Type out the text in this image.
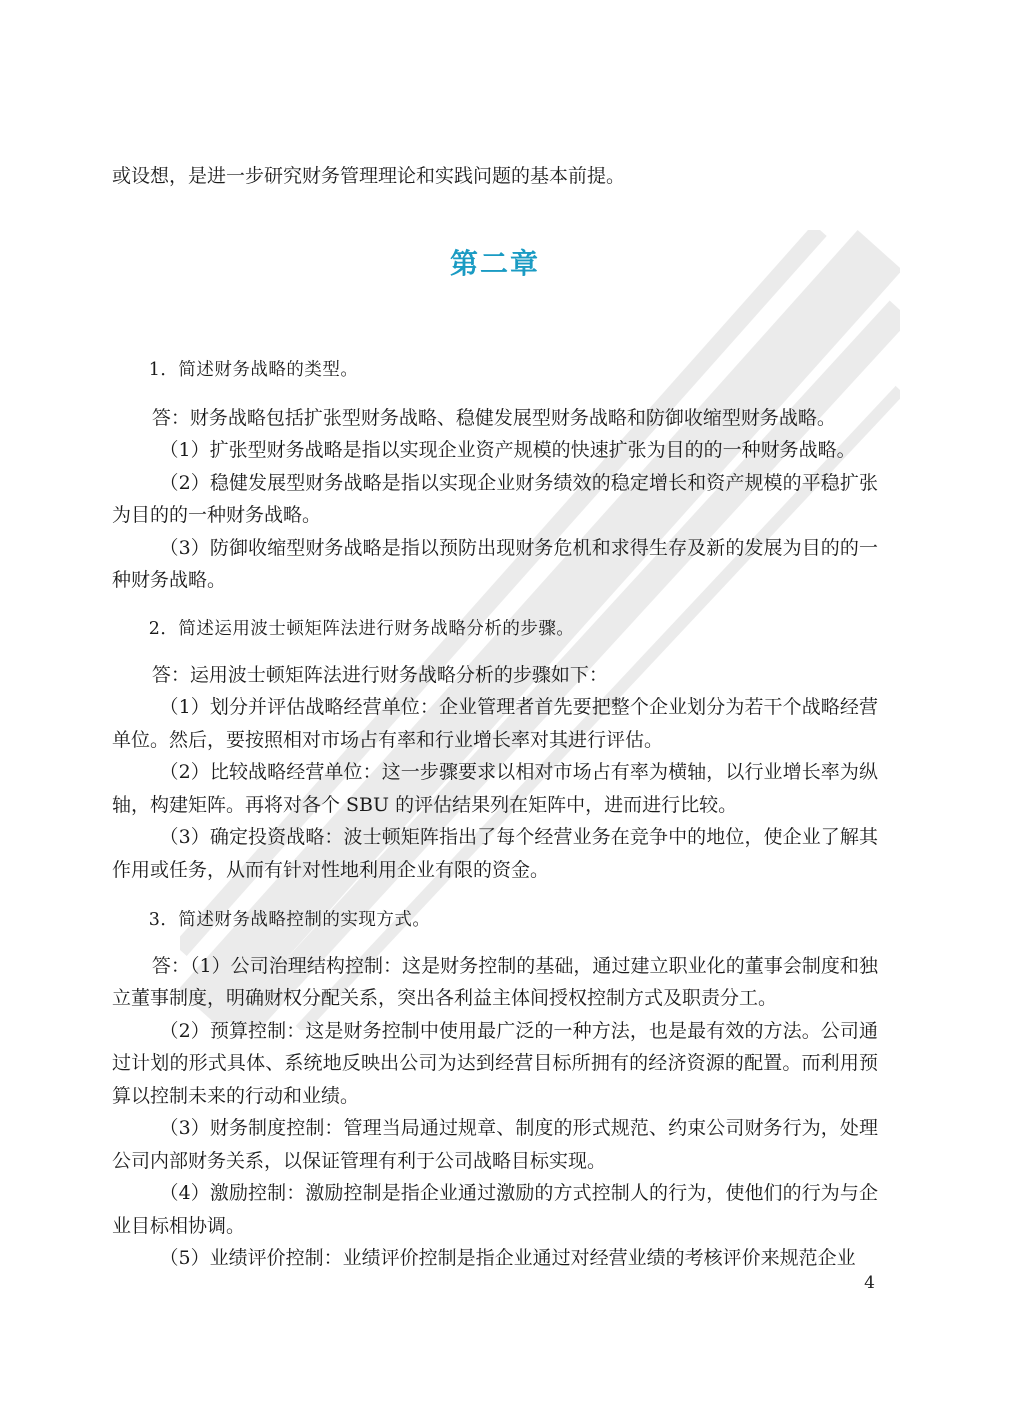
或设想，是进一步研究财务管理理论和实践问题的基本前提。

第二章

1．简述财务战略的类型。

答：财务战略包括扩张型财务战略、稳健发展型财务战略和防御收缩型财务战略。

（1）扩张型财务战略是指以实现企业资产规模的快速扩张为目的的一种财务战略。

（2）稳健发展型财务战略是指以实现企业财务绩效的稳定增长和资产规模的平稳扩张为目的的一种财务战略。

（3）防御收缩型财务战略是指以预防出现财务危机和求得生存及新的发展为目的的一种财务战略。

2．简述运用波士顿矩阵法进行财务战略分析的步骤。

答：运用波士顿矩阵法进行财务战略分析的步骤如下：

（1）划分并评估战略经营单位：企业管理者首先要把整个企业划分为若干个战略经营单位。然后，要按照相对市场占有率和行业增长率对其进行评估。

（2）比较战略经营单位：这一步骤要求以相对市场占有率为横轴，以行业增长率为纵轴，构建矩阵。再将对各个 SBU 的评估结果列在矩阵中，进而进行比较。

（3）确定投资战略：波士顿矩阵指出了每个经营业务在竞争中的地位，使企业了解其作用或任务，从而有针对性地利用企业有限的资金。

3．简述财务战略控制的实现方式。

答：（1）公司治理结构控制：这是财务控制的基础，通过建立职业化的董事会制度和独立董事制度，明确财权分配关系，突出各利益主体间授权控制方式及职责分工。

（2）预算控制：这是财务控制中使用最广泛的一种方法，也是最有效的方法。公司通过计划的形式具体、系统地反映出公司为达到经营目标所拥有的经济资源的配置。而利用预算以控制未来的行动和业绩。

（3）财务制度控制：管理当局通过规章、制度的形式规范、约束公司财务行为，处理公司内部财务关系，以保证管理有利于公司战略目标实现。

（4）激励控制：激励控制是指企业通过激励的方式控制人的行为，使他们的行为与企业目标相协调。

（5）业绩评价控制：业绩评价控制是指企业通过对经营业绩的考核评价来规范企业

4
